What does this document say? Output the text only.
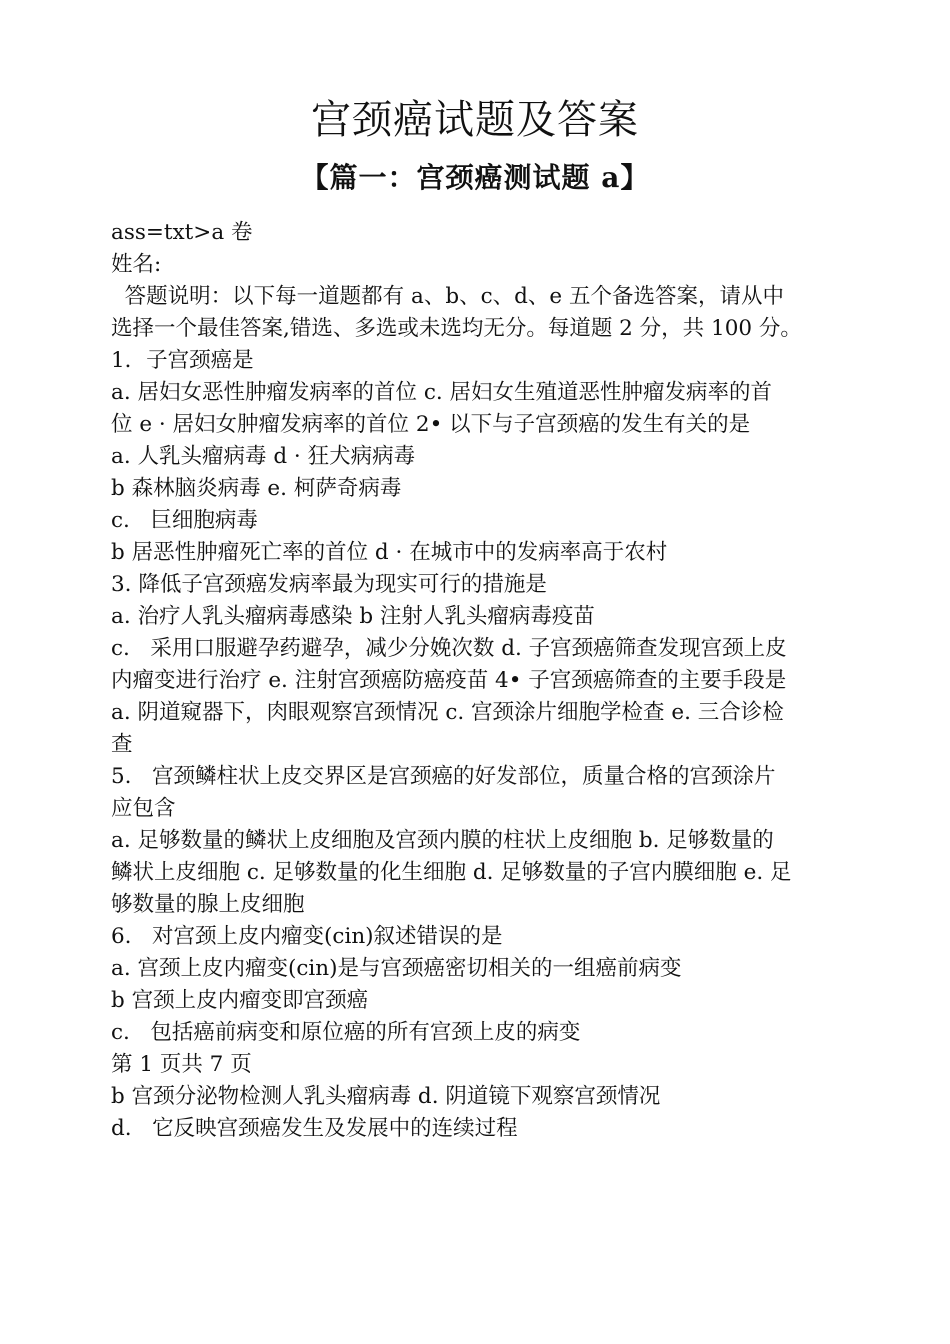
宫颈癌试题及答案
【篇一：宫颈癌测试题 a】
ass=txt>a 卷
姓名:
答题说明：以下每一道题都有 a、b、c、d、e 五个备选答案，请从中
选择一个最佳答案,错选、多选或未选均无分。每道题 2 分，共 100 分。
1．子宫颈癌是
a. 居妇女恶性肿瘤发病率的首位 c. 居妇女生殖道恶性肿瘤发病率的首
位 e · 居妇女肿瘤发病率的首位 2• 以下与子宫颈癌的发生有关的是
a. 人乳头瘤病毒 d · 狂犬病病毒
b 森林脑炎病毒 e. 柯萨奇病毒
c.   巨细胞病毒
b 居恶性肿瘤死亡率的首位 d · 在城市中的发病率高于农村
3. 降低子宫颈癌发病率最为现实可行的措施是
a. 治疗人乳头瘤病毒感染 b 注射人乳头瘤病毒疫苗
c.   采用口服避孕药避孕，减少分娩次数 d. 子宫颈癌筛查发现宫颈上皮
内瘤变进行治疗 e. 注射宫颈癌防癌疫苗 4• 子宫颈癌筛查的主要手段是
a. 阴道窥器下，肉眼观察宫颈情况 c. 宫颈涂片细胞学检查 e. 三合诊检
查
5.   宫颈鳞柱状上皮交界区是宫颈癌的好发部位，质量合格的宫颈涂片
应包含
a. 足够数量的鳞状上皮细胞及宫颈内膜的柱状上皮细胞 b. 足够数量的
鳞状上皮细胞 c. 足够数量的化生细胞 d. 足够数量的子宫内膜细胞 e. 足
够数量的腺上皮细胞
6.   对宫颈上皮内瘤变(cin)叙述错误的是
a. 宫颈上皮内瘤变(cin)是与宫颈癌密切相关的一组癌前病变
b 宫颈上皮内瘤变即宫颈癌
c.   包括癌前病变和原位癌的所有宫颈上皮的病变
第 1 页共 7 页
b 宫颈分泌物检测人乳头瘤病毒 d. 阴道镜下观察宫颈情况
d.   它反映宫颈癌发生及发展中的连续过程
